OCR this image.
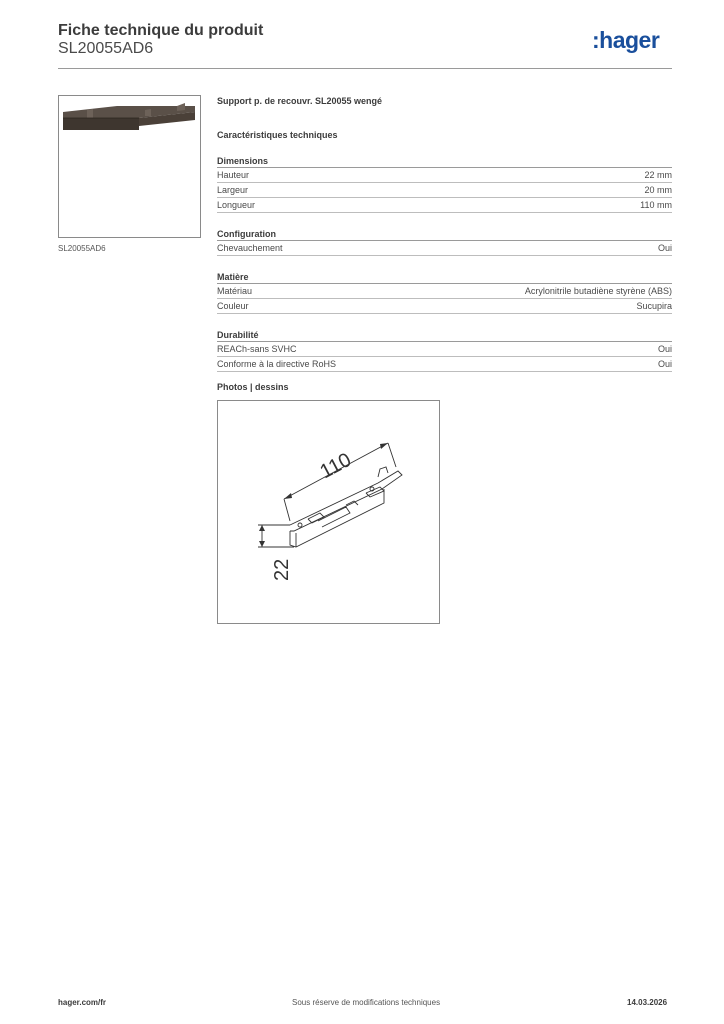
Fiche technique du produit
SL20055AD6	:hager
SL20055AD6
Support p. de recouvr. SL20055 wengé
Caractéristiques techniques
Dimensions
Hauteur	22 mm
Largeur	20 mm
Longueur	110 mm
Configuration
Chevauchement	Oui
Matière
Matériau	Acrylonitrile butadiène styrène (ABS)
Couleur	Sucupira
Durabilité
REACh-sans SVHC	Oui
Conforme à la directive RoHS	Oui
Photos | dessins
110
22
hager.com/fr	Sous réserve de modifications techniques	14.03.2026
